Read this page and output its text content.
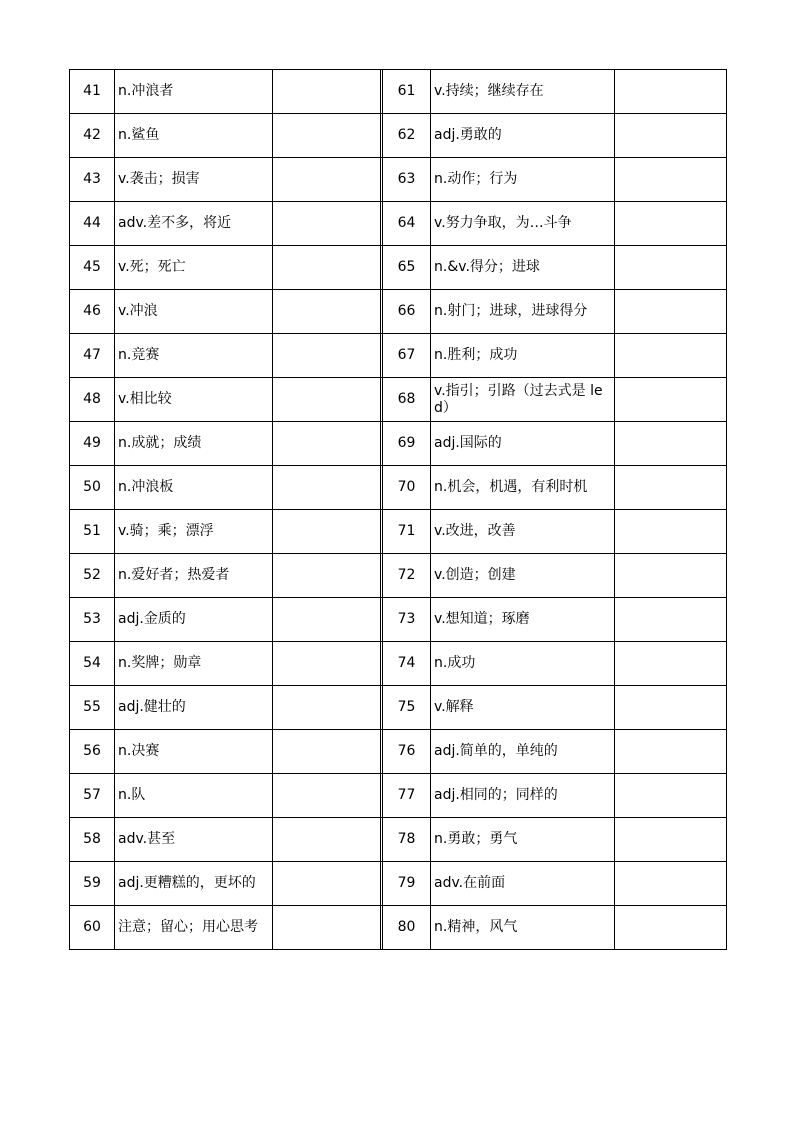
41	n.冲浪者			61	v.持续；继续存在	
42	n.鲨鱼			62	adj.勇敢的	
43	v.袭击；损害			63	n.动作；行为	
44	adv.差不多，将近			64	v.努力争取，为…斗争	
45	v.死；死亡			65	n.&v.得分；进球	
46	v.冲浪			66	n.射门；进球，进球得分	
47	n.竞赛			67	n.胜利；成功	
48	v.相比较			68	v.指引；引路（过去式是 led）	
49	n.成就；成绩			69	adj.国际的	
50	n.冲浪板			70	n.机会，机遇，有利时机	
51	v.骑；乘；漂浮			71	v.改进，改善	
52	n.爱好者；热爱者			72	v.创造；创建	
53	adj.金质的			73	v.想知道；琢磨	
54	n.奖牌；勋章			74	n.成功	
55	adj.健壮的			75	v.解释	
56	n.决赛			76	adj.简单的，单纯的	
57	n.队			77	adj.相同的；同样的	
58	adv.甚至			78	n.勇敢；勇气	
59	adj.更糟糕的，更坏的			79	adv.在前面	
60	注意；留心；用心思考			80	n.精神，风气	
